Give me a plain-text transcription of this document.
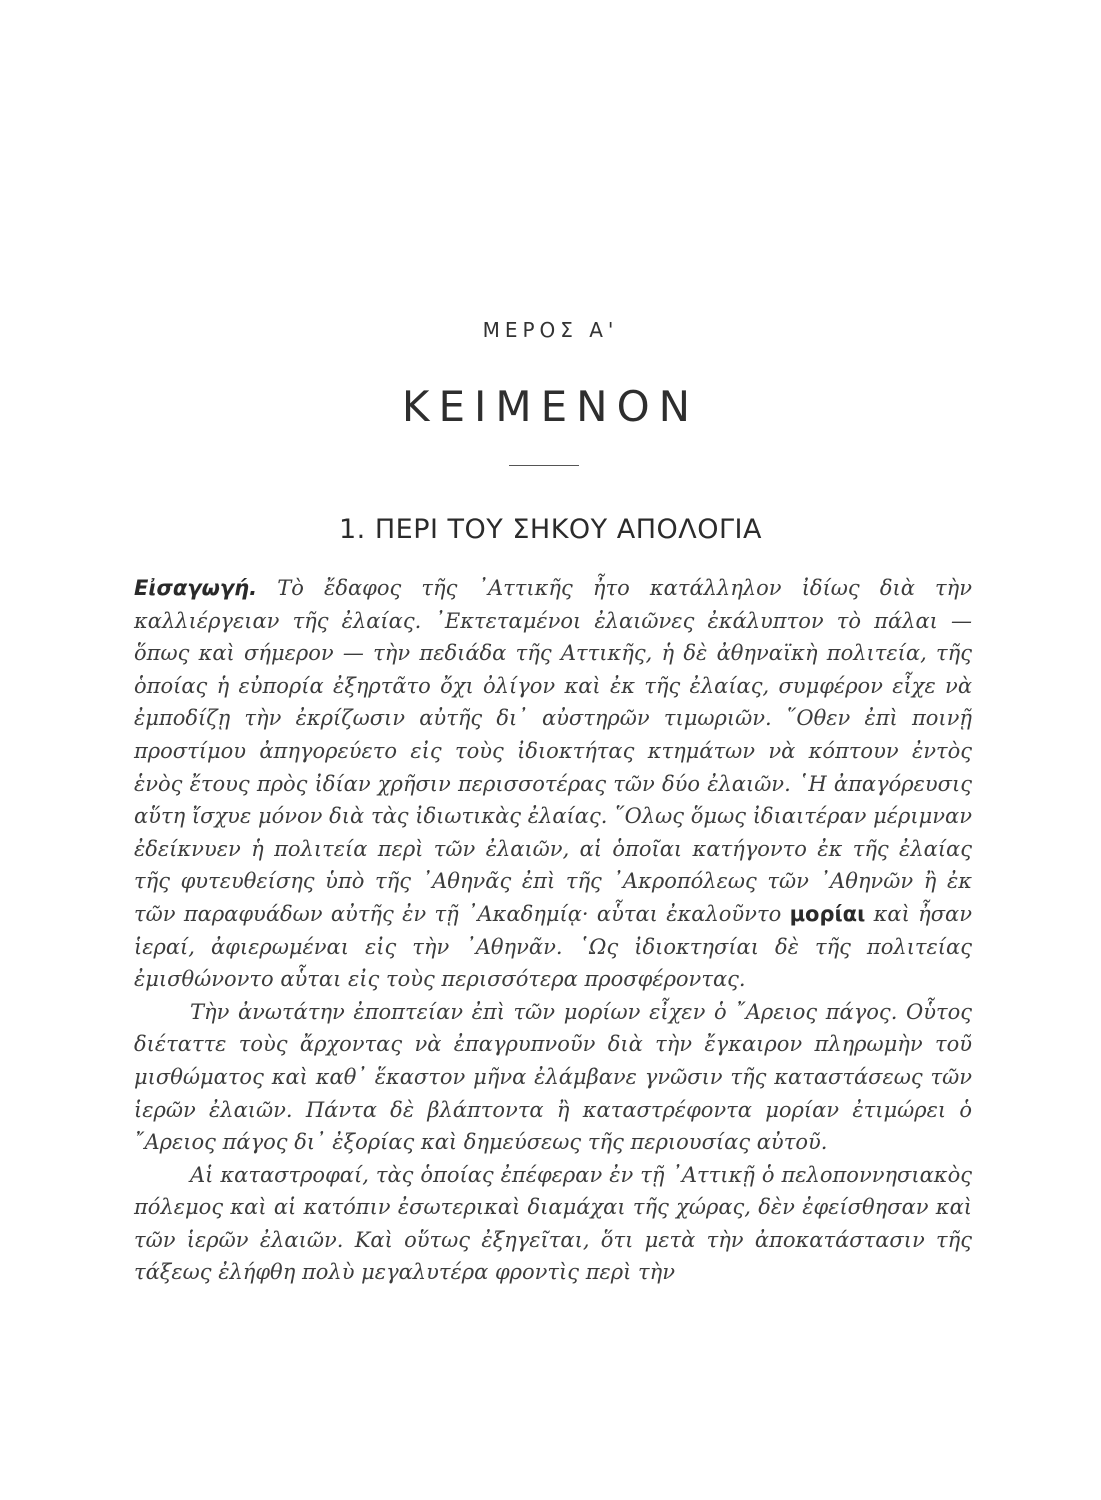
ΜΕΡΟΣ Α'
ΚΕΙΜΕΝΟΝ
1. ΠΕΡΙ ΤΟΥ ΣΗΚΟΥ ΑΠΟΛΟΓΙΑ

Εἰσαγωγή. Τὸ ἔδαφος τῆς ᾿Αττικῆς ἦτο κατάλληλον ἰδίως διὰ τὴν καλλιέργειαν τῆς ἐλαίας. ᾿Εκτεταμένοι ἐλαιῶνες ἐκάλυπτον τὸ πάλαι — ὅπως καὶ σήμερον — τὴν πεδιάδα τῆς Αττικῆς, ἡ δὲ ἀθηναϊκὴ πολιτεία, τῆς ὁποίας ἡ εὐπορία ἐξηρτᾶτο ὄχι ὀλίγον καὶ ἐκ τῆς ἐλαίας, συμφέρον εἶχε νὰ ἐμποδίζῃ τὴν ἐκρίζωσιν αὐτῆς δι᾿ αὐστηρῶν τιμωριῶν. ῞Οθεν ἐπὶ ποινῇ προστίμου ἀπηγορεύετο εἰς τοὺς ἰδιοκτήτας κτημάτων νὰ κόπτουν ἐντὸς ἑνὸς ἔτους πρὸς ἰδίαν χρῆσιν περισσοτέρας τῶν δύο ἐλαιῶν. ῾Η ἀπαγόρευσις αὕτη ἴσχυε μόνον διὰ τὰς ἰδιωτικὰς ἐλαίας. ῞Ολως ὅμως ἰδιαιτέραν μέριμναν ἐδείκνυεν ἡ πολιτεία περὶ τῶν ἐλαιῶν, αἱ ὁποῖαι κατήγοντο ἐκ τῆς ἐλαίας τῆς φυτευθείσης ὑπὸ τῆς ᾿Αθηνᾶς ἐπὶ τῆς ᾿Ακροπόλεως τῶν ᾿Αθηνῶν ἢ ἐκ τῶν παραφυάδων αὐτῆς ἐν τῇ ᾿Ακαδημίᾳ· αὗται ἐκαλοῦντο μορίαι καὶ ἦσαν ἱεραί, ἀφιερωμέναι εἰς τὴν ᾿Αθηνᾶν. ῾Ως ἰδιοκτησίαι δὲ τῆς πολιτείας ἐμισθώνοντο αὗται εἰς τοὺς περισσότερα προσφέροντας.

Τὴν ἀνωτάτην ἐποπτείαν ἐπὶ τῶν μορίων εἶχεν ὁ ῎Αρειος πάγος. Οὗτος διέταττε τοὺς ἄρχοντας νὰ ἐπαγρυπνοῦν διὰ τὴν ἔγκαιρον πληρωμὴν τοῦ μισθώματος καὶ καθ᾿ ἕκαστον μῆνα ἐλάμβανε γνῶσιν τῆς καταστάσεως τῶν ἱερῶν ἐλαιῶν. Πάντα δὲ βλάπτοντα ἢ καταστρέφοντα μορίαν ἐτιμώρει ὁ ῎Αρειος πάγος δι᾿ ἐξορίας καὶ δημεύσεως τῆς περιουσίας αὐτοῦ.

Αἱ καταστροφαί, τὰς ὁποίας ἐπέφεραν ἐν τῇ ᾿Αττικῇ ὁ πελοποννησιακὸς πόλεμος καὶ αἱ κατόπιν ἐσωτερικαὶ διαμάχαι τῆς χώρας, δὲν ἐφείσθησαν καὶ τῶν ἱερῶν ἐλαιῶν. Καὶ οὕτως ἐξηγεῖται, ὅτι μετὰ τὴν ἀποκατάστασιν τῆς τάξεως ἐλήφθη πολὺ μεγαλυτέρα φροντὶς περὶ τὴν
